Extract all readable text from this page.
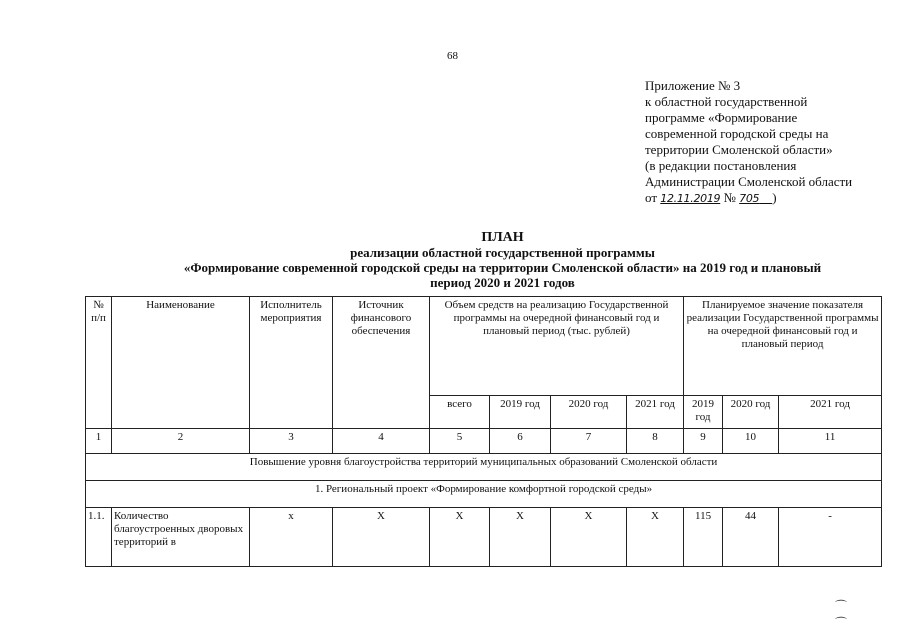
68
Приложение № 3
к областной государственной
программе «Формирование
современной городской среды на
территории Смоленской области»
(в редакции постановления
Администрации Смоленской области
от 12.11.2019 № 705 )
ПЛАН
реализации областной государственной программы
«Формирование современной городской среды на территории Смоленской области» на 2019 год и плановый
период 2020 и 2021 годов
№ п/п	Наименование	Исполнитель мероприятия	Источник финансового обеспечения	Объем средств на реализацию Государственной программы на очередной финансовый год и плановый период (тыс. рублей)				Планируемое значение показателя реализации Государственной программы на очередной финансовый год и плановый период		
				всего	2019 год	2020 год	2021 год	2019 год	2020 год	2021 год
1	2	3	4	5	6	7	8	9	10	11
Повышение уровня благоустройства территорий муниципальных образований Смоленской области										
1. Региональный проект «Формирование комфортной городской среды»										
1.1.	Количество благоустроенных дворовых территорий в	х	Х	Х	Х	Х	Х	115	44	-
⌒ ⌒
